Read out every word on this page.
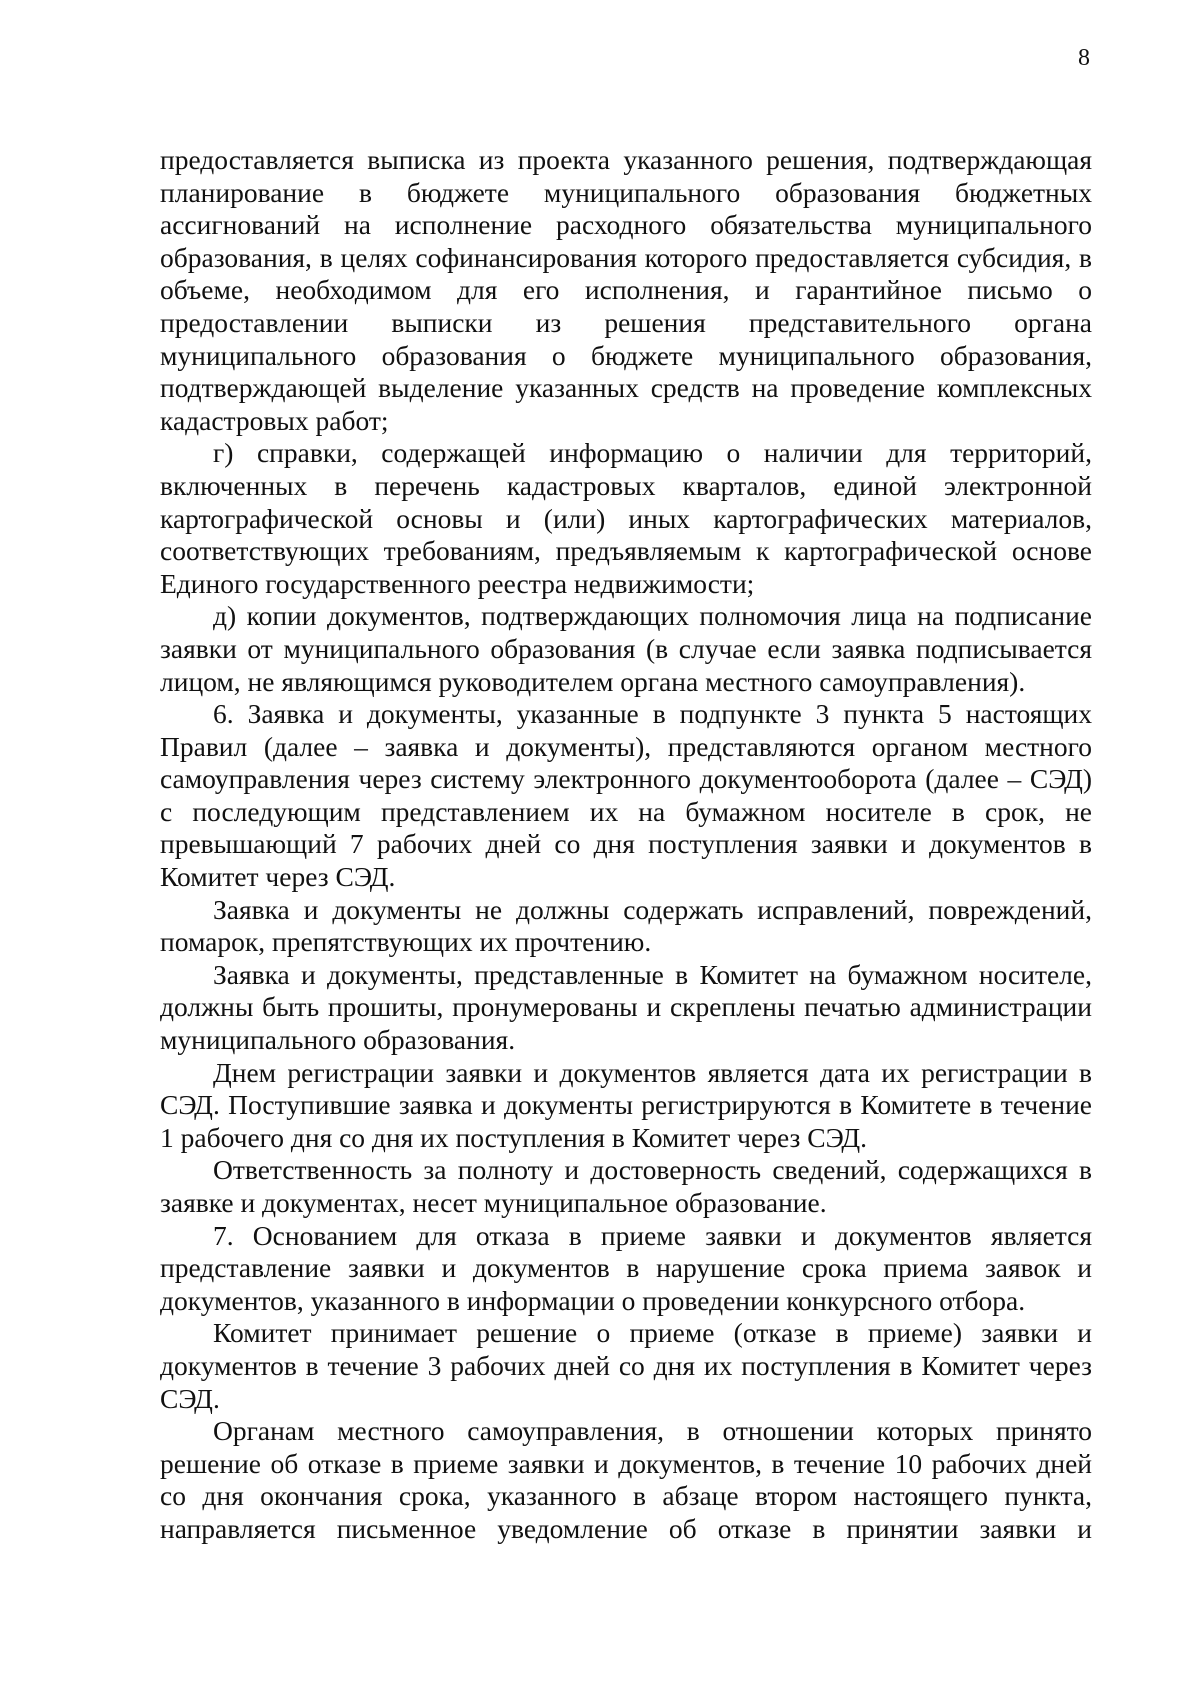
8

предоставляется выписка из проекта указанного решения, подтверждающая планирование в бюджете муниципального образования бюджетных ассигнований на исполнение расходного обязательства муниципального образования, в целях софинансирования которого предоставляется субсидия, в объеме, необходимом для его исполнения, и гарантийное письмо о предоставлении выписки из решения представительного органа муниципального образования о бюджете муниципального образования, подтверждающей выделение указанных средств на проведение комплексных кадастровых работ;

г) справки, содержащей информацию о наличии для территорий, включенных в перечень кадастровых кварталов, единой электронной картографической основы и (или) иных картографических материалов, соответствующих требованиям, предъявляемым к картографической основе Единого государственного реестра недвижимости;

д) копии документов, подтверждающих полномочия лица на подписание заявки от муниципального образования (в случае если заявка подписывается лицом, не являющимся руководителем органа местного самоуправления).

6. Заявка и документы, указанные в подпункте 3 пункта 5 настоящих Правил (далее – заявка и документы), представляются органом местного самоуправления через систему электронного документооборота (далее – СЭД) с последующим представлением их на бумажном носителе в срок, не превышающий 7 рабочих дней со дня поступления заявки и документов в Комитет через СЭД.

Заявка и документы не должны содержать исправлений, повреждений, помарок, препятствующих их прочтению.

Заявка и документы, представленные в Комитет на бумажном носителе, должны быть прошиты, пронумерованы и скреплены печатью администрации муниципального образования.

Днем регистрации заявки и документов является дата их регистрации в СЭД. Поступившие заявка и документы регистрируются в Комитете в течение 1 рабочего дня со дня их поступления в Комитет через СЭД.

Ответственность за полноту и достоверность сведений, содержащихся в заявке и документах, несет муниципальное образование.

7. Основанием для отказа в приеме заявки и документов является представление заявки и документов в нарушение срока приема заявок и документов, указанного в информации о проведении конкурсного отбора.

Комитет принимает решение о приеме (отказе в приеме) заявки и документов в течение 3 рабочих дней со дня их поступления в Комитет через СЭД.

Органам местного самоуправления, в отношении которых принято решение об отказе в приеме заявки и документов, в течение 10 рабочих дней со дня окончания срока, указанного в абзаце втором настоящего пункта, направляется письменное уведомление об отказе в принятии заявки и
